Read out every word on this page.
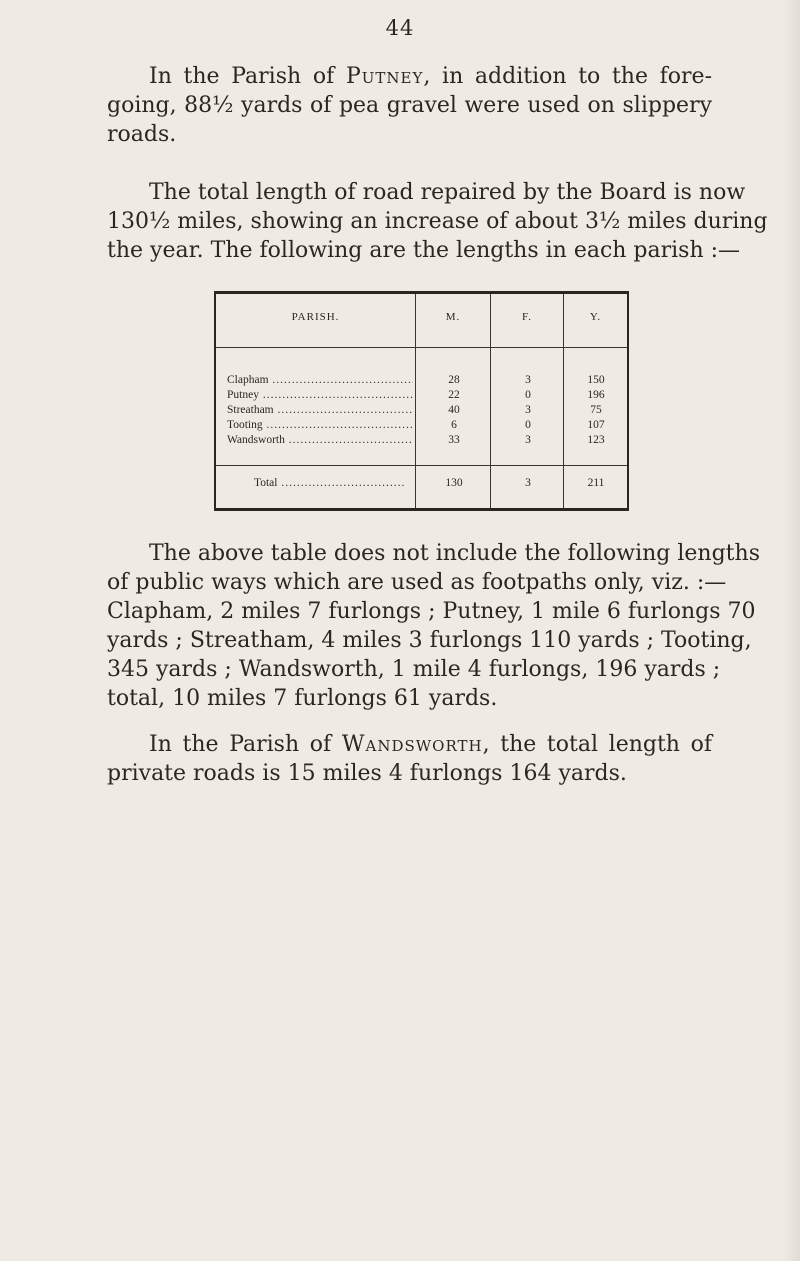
44

In the Parish of Putney, in addition to the fore-
going, 88½ yards of pea gravel were used on slippery
roads.

The total length of road repaired by the Board is now
130½ miles, showing an increase of about 3½ miles during
the year. The following are the lengths in each parish :—

PARISH.	M.	F.	Y.
Clapham .....	28	3	150
Putney .....	22	0	196
Streatham .....	40	3	75
Tooting .....	6	0	107
Wandsworth .....	33	3	123
Total .....	130	3	211

The above table does not include the following lengths
of public ways which are used as footpaths only, viz. :—
Clapham, 2 miles 7 furlongs ; Putney, 1 mile 6 furlongs 70
yards ; Streatham, 4 miles 3 furlongs 110 yards ; Tooting,
345 yards ; Wandsworth, 1 mile 4 furlongs, 196 yards ;
total, 10 miles 7 furlongs 61 yards.

In the Parish of Wandsworth, the total length of
private roads is 15 miles 4 furlongs 164 yards.
